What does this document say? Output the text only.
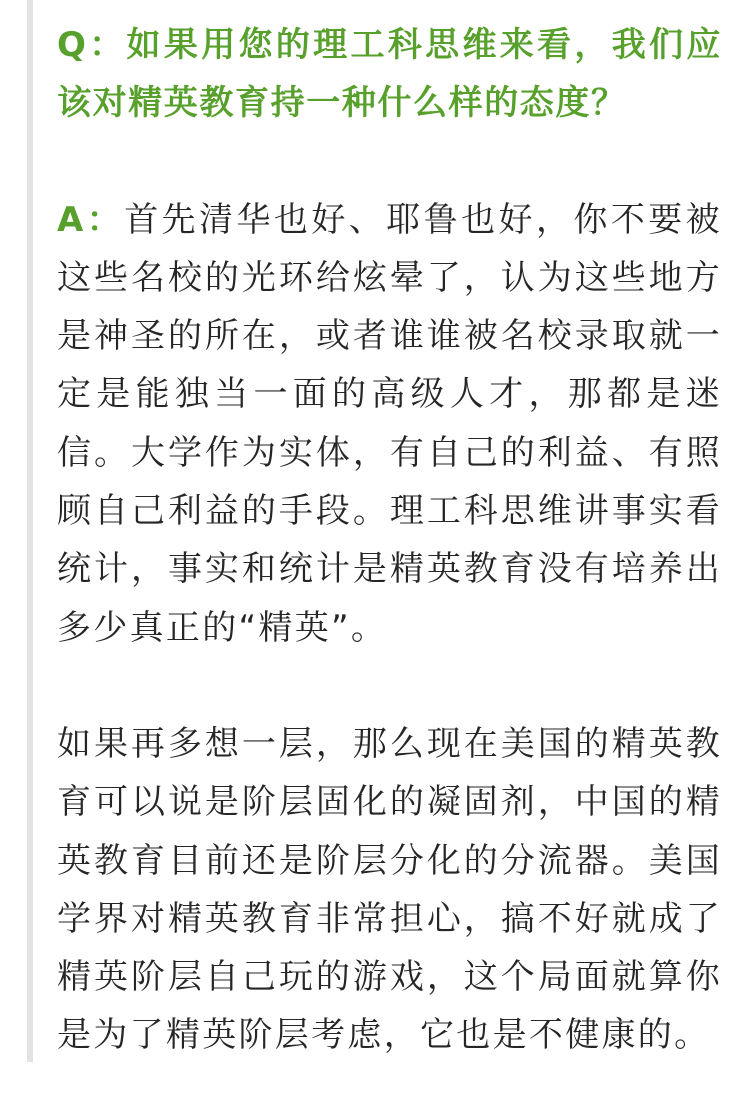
Q：如果用您的理工科思维来看，我们应该对精英教育持一种什么样的态度？

A：首先清华也好、耶鲁也好，你不要被这些名校的光环给炫晕了，认为这些地方是神圣的所在，或者谁谁被名校录取就一定是能独当一面的高级人才，那都是迷信。大学作为实体，有自己的利益、有照顾自己利益的手段。理工科思维讲事实看统计，事实和统计是精英教育没有培养出多少真正的“精英”。

如果再多想一层，那么现在美国的精英教育可以说是阶层固化的凝固剂，中国的精英教育目前还是阶层分化的分流器。美国学界对精英教育非常担心，搞不好就成了精英阶层自己玩的游戏，这个局面就算你是为了精英阶层考虑，它也是不健康的。
